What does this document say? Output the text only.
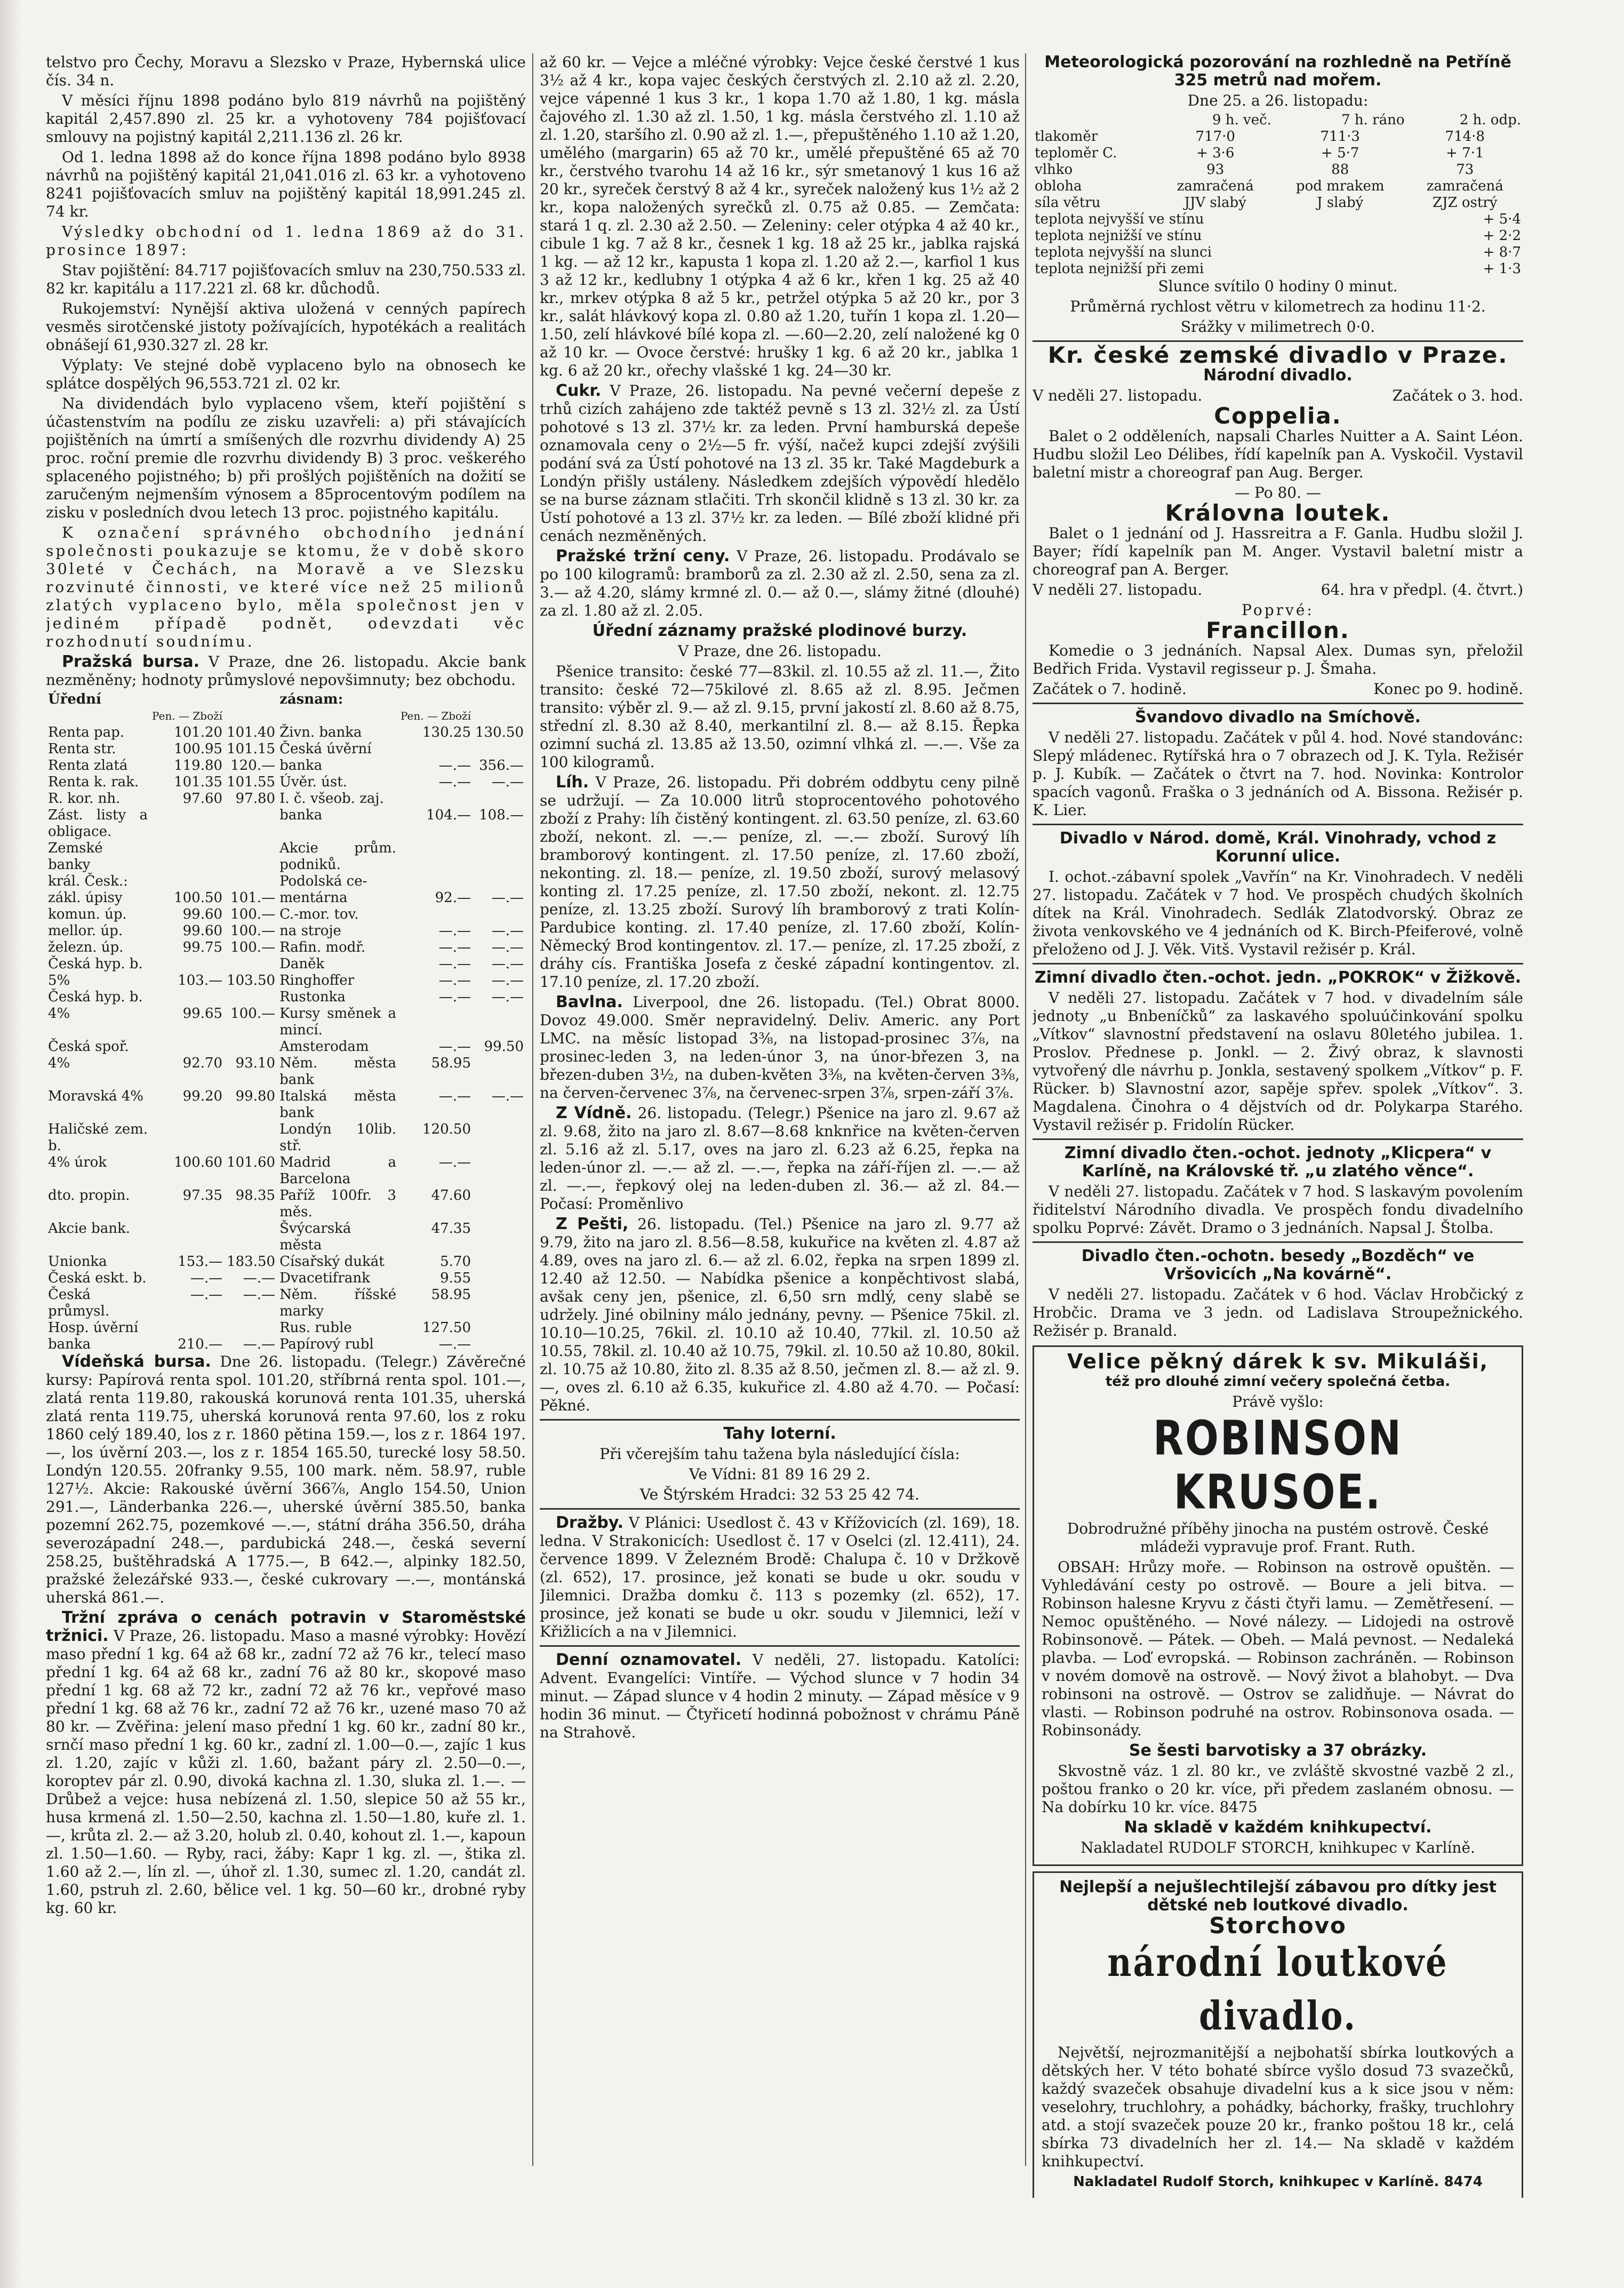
telstvo pro Čechy, Moravu a Slezsko v Praze, Hybernská ulice čís. 34 n.

V měsíci říjnu 1898 podáno bylo 819 návrhů na pojištěný kapitál 2,457.890 zl. 25 kr. a vyhotoveny 784 pojišťovací smlouvy na pojistný kapitál 2,211.136 zl. 26 kr.

Od 1. ledna 1898 až do konce října 1898 podáno bylo 8938 návrhů na pojištěný kapitál 21,041.016 zl. 63 kr. a vyhotoveno 8241 pojišťovacích smluv na pojištěný kapitál 18,991.245 zl. 74 kr.

Výsledky obchodní od 1. ledna 1869 až do 31. prosince 1897:

Stav pojištění: 84.717 pojišťovacích smluv na 230,750.533 zl. 82 kr. kapitálu a 117.221 zl. 68 kr. důchodů.

Rukojemství: Nynější aktiva uložená v cenných papírech vesměs sirotčenské jistoty požívajících, hypotékách a realitách obnášejí 61,930.327 zl. 28 kr.

Výplaty: Ve stejné době vyplaceno bylo na obnosech ke splátce dospělých 96,553.721 zl. 02 kr.

Na dividendách bylo vyplaceno všem, kteří pojištění s účastenstvím na podílu ze zisku uzavřeli: a) při stávajících pojištěních na úmrtí a smíšených dle rozvrhu dividendy A) 25 proc. roční premie dle rozvrhu dividendy B) 3 proc. veškerého splaceného pojistného; b) při prošlých pojištěních na dožití se zaručeným nejmenším výnosem a 85procentovým podílem na zisku v posledních dvou letech 13 proc. pojistného kapitálu.

K označení správného obchodního jednání společnosti poukazuje se ktomu, že v době skoro 30leté v Čechách, na Moravě a ve Slezsku rozvinuté činnosti, ve které více než 25 milionů zlatých vyplaceno bylo, měla společnost jen v jediném případě podnět, odevzdati věc rozhodnutí soudnímu.

Pražská bursa. V Praze, dne 26. listopadu. Akcie bank nezměněny; hodnoty průmyslové nepovšimnuty; bez obchodu.

Úřední			zásnam:		
	Pen. — Zboží			Pen. — Zboží	
Renta pap.	101.20	101.40	Živn. banka	130.25	130.50
Renta str.	100.95	101.15	Česká úvěrní		
Renta zlatá	119.80	120.—	banka	—.—	356.—
Renta k. rak.	101.35	101.55	Úvěr. úst.	—.—	—.—
R. kor. nh.	97.60	97.80	I. č. všeob. zaj.		
Zást. listy a obligace.			banka	104.—	108.—
Zemské banky			Akcie prům. podniků.		
král. Česk.:			Podolská ce-		
zákl. úpisy	100.50	101.—	mentárna	92.—	—.—
komun. úp.	99.60	100.—	C.-mor. tov.		
mellor. úp.	99.60	100.—	na stroje	—.—	—.—
železn. úp.	99.75	100.—	Rafin. modř.	—.—	—.—
Česká hyp. b.			Daněk	—.—	—.—
5%	103.—	103.50	Ringhoffer	—.—	—.—
Česká hyp. b.			Rustonka	—.—	—.—
4%	99.65	100.—	Kursy směnek a mincí.		
Česká spoř.			Amsterodam	—.—	99.50
4%	92.70	93.10	Něm. města bank	58.95	
Moravská 4%	99.20	99.80	Italská města bank	—.—	—.—
Haličské zem. b.			Londýn 10lib. stř.	120.50	
4% úrok	100.60	101.60	Madrid a Barcelona	—.—	
dto. propin.	97.35	98.35	Paříž 100fr. 3 měs.	47.60	
Akcie bank.			Švýcarská města	47.35	
Unionka	153.—	183.50	Císařský dukát	5.70	
Česká eskt. b.	—.—	—.—	Dvacetifrank	9.55	
Česká průmysl.	—.—	—.—	Něm. říšské marky	58.95	
Hosp. úvěrní			Rus. ruble	127.50	
banka	210.—	—.—	Papírový rubl	—.—	

Vídeňská bursa. Dne 26. listopadu. (Telegr.) Závěrečné kursy: Papírová renta spol. 101.20, stříbrná renta spol. 101.—, zlatá renta 119.80, rakouská korunová renta 101.35, uherská zlatá renta 119.75, uherská korunová renta 97.60, los z roku 1860 celý 189.40, los z r. 1860 pětina 159.—, los z r. 1864 197.—, los úvěrní 203.—, los z r. 1854 165.50, turecké losy 58.50. Londýn 120.55. 20franky 9.55, 100 mark. něm. 58.97, ruble 127½. Akcie: Rakouské úvěrní 366⅞, Anglo 154.50, Union 291.—, Länderbanka 226.—, uherské úvěrní 385.50, banka pozemní 262.75, pozemkové —.—, státní dráha 356.50, dráha severozápadní 248.—, pardubická 248.—, česká severní 258.25, buštěhradská A 1775.—, B 642.—, alpinky 182.50, pražské železářské 933.—, české cukrovary —.—, montánská uherská 861.—.

Tržní zpráva o cenách potravin v Staroměstské tržnici. V Praze, 26. listopadu. Maso a masné výrobky: Hovězí maso přední 1 kg. 64 až 68 kr., zadní 72 až 76 kr., telecí maso přední 1 kg. 64 až 68 kr., zadní 76 až 80 kr., skopové maso přední 1 kg. 68 až 72 kr., zadní 72 až 76 kr., vepřové maso přední 1 kg. 68 až 76 kr., zadní 72 až 76 kr., uzené maso 70 až 80 kr. — Zvěřina: jelení maso přední 1 kg. 60 kr., zadní 80 kr., srnčí maso přední 1 kg. 60 kr., zadní zl. 1.00—0.—, zajíc 1 kus zl. 1.20, zajíc v kůži zl. 1.60, bažant páry zl. 2.50—0.—, koroptev pár zl. 0.90, divoká kachna zl. 1.30, sluka zl. 1.—. — Drůbež a vejce: husa nebízená zl. 1.50, slepice 50 až 55 kr., husa krmená zl. 1.50—2.50, kachna zl. 1.50—1.80, kuře zl. 1.—, krůta zl. 2.— až 3.20, holub zl. 0.40, kohout zl. 1.—, kapoun zl. 1.50—1.60. — Ryby, raci, žáby: Kapr 1 kg. zl. —, štika zl. 1.60 až 2.—, lín zl. —, úhoř zl. 1.30, sumec zl. 1.20, candát zl. 1.60, pstruh zl. 2.60, bělice vel. 1 kg. 50—60 kr., drobné ryby kg. 60 kr.

až 60 kr. — Vejce a mléčné výrobky: Vejce české čerstvé 1 kus 3½ až 4 kr., kopa vajec českých čerstvých zl. 2.10 až zl. 2.20, vejce vápenné 1 kus 3 kr., 1 kopa 1.70 až 1.80, 1 kg. másla čajového zl. 1.30 až zl. 1.50, 1 kg. másla čerstvého zl. 1.10 až zl. 1.20, staršího zl. 0.90 až zl. 1.—, přepuštěného 1.10 až 1.20, umělého (margarin) 65 až 70 kr., umělé přepuštěné 65 až 70 kr., čerstvého tvarohu 14 až 16 kr., sýr smetanový 1 kus 16 až 20 kr., syreček čerstvý 8 až 4 kr., syreček naložený kus 1½ až 2 kr., kopa naložených syrečků zl. 0.75 až 0.85. — Zemčata: stará 1 q. zl. 2.30 až 2.50. — Zeleniny: celer otýpka 4 až 40 kr., cibule 1 kg. 7 až 8 kr., česnek 1 kg. 18 až 25 kr., jablka rajská 1 kg. — až 12 kr., kapusta 1 kopa zl. 1.20 až 2.—, karfiol 1 kus 3 až 12 kr., kedlubny 1 otýpka 4 až 6 kr., křen 1 kg. 25 až 40 kr., mrkev otýpka 8 až 5 kr., petržel otýpka 5 až 20 kr., por 3 kr., salát hlávkový kopa zl. 0.80 až 1.20, tuřín 1 kopa zl. 1.20—1.50, zelí hlávkové bílé kopa zl. —.60—2.20, zelí naložené kg 0 až 10 kr. — Ovoce čerstvé: hrušky 1 kg. 6 až 20 kr., jablka 1 kg. 6 až 20 kr., ořechy vlašské 1 kg. 24—30 kr.

Cukr. V Praze, 26. listopadu. Na pevné večerní depeše z trhů cizích zahájeno zde taktéž pevně s 13 zl. 32½ zl. za Ústí pohotové s 13 zl. 37½ kr. za leden. První hamburská depeše oznamovala ceny o 2½—5 fr. výší, načež kupci zdejší zvýšili podání svá za Ústí pohotové na 13 zl. 35 kr. Také Magdeburk a Londýn přišly ustáleny. Následkem zdejších výpovědí hledělo se na burse záznam stlačiti. Trh skončil klidně s 13 zl. 30 kr. za Ústí pohotové a 13 zl. 37½ kr. za leden. — Bílé zboží klidné při cenách nezměněných.

Pražské tržní ceny. V Praze, 26. listopadu. Prodávalo se po 100 kilogramů: bramborů za zl. 2.30 až zl. 2.50, sena za zl. 3.— až 4.20, slámy krmné zl. 0.— až 0.—, slámy žitné (dlouhé) za zl. 1.80 až zl. 2.05.

Úřední záznamy pražské plodinové burzy.

V Praze, dne 26. listopadu.

Pšenice transito: české 77—83kil. zl. 10.55 až zl. 11.—, Žito transito: české 72—75kilové zl. 8.65 až zl. 8.95. Ječmen transito: výběr zl. 9.— až zl. 9.15, první jakostí zl. 8.60 až 8.75, střední zl. 8.30 až 8.40, merkantilní zl. 8.— až 8.15. Řepka ozimní suchá zl. 13.85 až 13.50, ozimní vlhká zl. —.—. Vše za 100 kilogramů.

Líh. V Praze, 26. listopadu. Při dobrém oddbytu ceny pilně se udržují. — Za 10.000 litrů stoprocentového pohotového zboží z Prahy: líh čistěný kontingent. zl. 63.50 peníze, zl. 63.60 zboží, nekont. zl. —.— peníze, zl. —.— zboží. Surový líh bramborový kontingent. zl. 17.50 peníze, zl. 17.60 zboží, nekonting. zl. 18.— peníze, zl. 19.50 zboží, surový melasový konting zl. 17.25 peníze, zl. 17.50 zboží, nekont. zl. 12.75 peníze, zl. 13.25 zboží. Surový líh bramborový z trati Kolín-Pardubice konting. zl. 17.40 peníze, zl. 17.60 zboží, Kolín-Německý Brod kontingentov. zl. 17.— peníze, zl. 17.25 zboží, z dráhy cís. Františka Josefa z české západní kontingentov. zl. 17.10 peníze, zl. 17.20 zboží.

Bavlna. Liverpool, dne 26. listopadu. (Tel.) Obrat 8000. Dovoz 49.000. Směr nepravidelný. Deliv. Americ. any Port LMC. na měsíc listopad 3⅜, na listopad-prosinec 3⅞, na prosinec-leden 3, na leden-únor 3, na únor-březen 3, na březen-duben 3½, na duben-květen 3⅜, na květen-červen 3⅜, na červen-červenec 3⅞, na červenec-srpen 3⅞, srpen-září 3⅞.

Z Vídně. 26. listopadu. (Telegr.) Pšenice na jaro zl. 9.67 až zl. 9.68, žito na jaro zl. 8.67—8.68 knknřice na květen-červen zl. 5.16 až zl. 5.17, oves na jaro zl. 6.23 až 6.25, řepka na leden-únor zl. —.— až zl. —.—, řepka na září-říjen zl. —.— až zl. —.—, řepkový olej na leden-duben zl. 36.— až zl. 84.— Počasí: Proměnlivo

Z Pešti, 26. listopadu. (Tel.) Pšenice na jaro zl. 9.77 až 9.79, žito na jaro zl. 8.56—8.58, kukuřice na květen zl. 4.87 až 4.89, oves na jaro zl. 6.— až zl. 6.02, řepka na srpen 1899 zl. 12.40 až 12.50. — Nabídka pšenice a konpěchtivost slabá, avšak ceny jen, pšenice, zl. 6,50 srn mdlý, ceny slabě se udržely. Jiné obilniny málo jednány, pevny. — Pšenice 75kil. zl. 10.10—10.25, 76kil. zl. 10.10 až 10.40, 77kil. zl. 10.50 až 10.55, 78kil. zl. 10.40 až 10.75, 79kil. zl. 10.50 až 10.80, 80kil. zl. 10.75 až 10.80, žito zl. 8.35 až 8.50, ječmen zl. 8.— až zl. 9.—, oves zl. 6.10 až 6.35, kukuřice zl. 4.80 až 4.70. — Počasí: Pěkné.

Tahy loterní.

Při včerejším tahu tažena byla následující čísla:

Ve Vídni: 81 89 16 29 2.

Ve Štýrském Hradci: 32 53 25 42 74.

Dražby. V Plánici: Usedlost č. 43 v Křížovicích (zl. 169), 18. ledna. V Strakonicích: Usedlost č. 17 v Oselci (zl. 12.411), 24. července 1899. V Železném Brodě: Chalupa č. 10 v Držkově (zl. 652), 17. prosince, jež konati se bude u okr. soudu v Jilemnici. Dražba domku č. 113 s pozemky (zl. 652), 17. prosince, jež konati se bude u okr. soudu v Jilemnici, leží v Křižlicích a na v Jilemnici.

Denní oznamovatel. V neděli, 27. listopadu. Katolíci: Advent. Evangelíci: Vintíře. — Východ slunce v 7 hodin 34 minut. — Západ slunce v 4 hodin 2 minuty. — Západ měsíce v 9 hodin 36 minut. — Čtyřicetí hodinná pobožnost v chrámu Páně na Strahově.

Meteorologická pozorování na rozhledně na Petříně 325 metrů nad mořem.

Dne 25. a 26. listopadu:

	9 h. več.	7 h. ráno	2 h. odp.
tlakoměr	717·0	711·3	714·8
teploměr C.	+ 3·6	+ 5·7	+ 7·1
vlhko	93	88	73
obloha	zamračená	pod mrakem	zamračená
síla větru	JJV slabý	J slabý	ZJZ ostrý
teplota nejvyšší ve stínu			+ 5·4
teplota nejnižší ve stínu			+ 2·2
teplota nejvyšší na slunci			+ 8·7
teplota nejnižší při zemi			+ 1·3

Slunce svítilo 0 hodiny 0 minut.

Průměrná rychlost větru v kilometrech za hodinu 11·2.

Srážky v milimetrech 0·0.

Kr. české zemské divadlo v Praze.

Národní divadlo.

V neděli 27. listopadu.	Začátek o 3. hod.

Coppelia.

Balet o 2 odděleních, napsali Charles Nuitter a A. Saint Léon. Hudbu složil Leo Délibes, řídí kapelník pan A. Vyskočil. Vystavil baletní mistr a choreograf pan Aug. Berger.

— Po 80. —

Královna loutek.

Balet o 1 jednání od J. Hassreitra a F. Ganla. Hudbu složil J. Bayer; řídí kapelník pan M. Anger. Vystavil baletní mistr a choreograf pan A. Berger.

V neděli 27. listopadu.	64. hra v předpl. (4. čtvrt.)

Poprvé:

Francillon.

Komedie o 3 jednáních. Napsal Alex. Dumas syn, přeložil Bedřich Frida. Vystavil regisseur p. J. Šmaha.

Začátek o 7. hodině.	Konec po 9. hodině.

Švandovo divadlo na Smíchově.

V neděli 27. listopadu. Začátek v půl 4. hod. Nové standovánc: Slepý mládenec. Rytířská hra o 7 obrazech od J. K. Tyla. Režisér p. J. Kubík. — Začátek o čtvrt na 7. hod. Novinka: Kontrolor spacích vagonů. Fraška o 3 jednáních od A. Bissona. Režisér p. K. Lier.

Divadlo v Národ. domě, Král. Vinohrady, vchod z Korunní ulice.

I. ochot.-zábavní spolek „Vavřín“ na Kr. Vinohradech. V neděli 27. listopadu. Začátek v 7 hod. Ve prospěch chudých školních dítek na Král. Vinohradech. Sedlák Zlatodvorský. Obraz ze života venkovského ve 4 jednáních od K. Birch-Pfeiferové, volně přeloženo od J. J. Věk. Vitš. Vystavil režisér p. Král.

Zimní divadlo čten.-ochot. jedn. „POKROK“ v Žižkově.

V neděli 27. listopadu. Začátek v 7 hod. v divadelním sále jednoty „u Bnbeníčků“ za laskavého spoluúčinkování spolku „Vítkov“ slavnostní představení na oslavu 80letého jubilea. 1. Proslov. Přednese p. Jonkl. — 2. Živý obraz, k slavnosti vytvořený dle návrhu p. Jonkla, sestavený spolkem „Vítkov“ p. F. Rücker. b) Slavnostní azor, sapěje spřev. spolek „Vítkov“. 3. Magdalena. Činohra o 4 dějstvích od dr. Polykarpa Starého. Vystavil režisér p. Fridolín Rücker.

Zimní divadlo čten.-ochot. jednoty „Klicpera“ v Karlíně, na Královské tř. „u zlatého věnce“.

V neděli 27. listopadu. Začátek v 7 hod. S laskavým povolením řiditelství Národního divadla. Ve prospěch fondu divadelního spolku Poprvé: Závět. Dramo o 3 jednáních. Napsal J. Štolba.

Divadlo čten.-ochotn. besedy „Bozděch“ ve Vršovicích „Na kovárně“.

V neděli 27. listopadu. Začátek v 6 hod. Václav Hrobčický z Hrobčic. Drama ve 3 jedn. od Ladislava Stroupežnického. Režisér p. Branald.

Velice pěkný dárek k sv. Mikuláši,

též pro dlouhé zimní večery společná četba.

Právě vyšlo:

ROBINSON KRUSOE.

Dobrodružné příběhy jinocha na pustém ostrově. České mládeži vypravuje prof. Frant. Ruth.

OBSAH: Hrůzy moře. — Robinson na ostrově opuštěn. — Vyhledávání cesty po ostrově. — Boure a jeli bitva. — Robinson halesne Kryvu z části čtyři lamu. — Zemětřesení. — Nemoc opuštěného. — Nové nálezy. — Lidojedi na ostrově Robinsonově. — Pátek. — Obeh. — Malá pevnost. — Nedaleká plavba. — Loď evropská. — Robinson zachráněn. — Robinson v novém domově na ostrově. — Nový život a blahobyt. — Dva robinsoni na ostrově. — Ostrov se zalidňuje. — Návrat do vlasti. — Robinson podruhé na ostrov. Robinsonova osada. — Robinsonády.

Se šesti barvotisky a 37 obrázky.

Skvostně váz. 1 zl. 80 kr., ve zvláště skvostné vazbě 2 zl., poštou franko o 20 kr. více, při předem zaslaném obnosu. — Na dobírku 10 kr. více. 8475

Na skladě v každém knihkupectví.

Nakladatel RUDOLF STORCH, knihkupec v Karlíně.

Nejlepší a nejušlechtilejší zábavou pro dítky jest dětské neb loutkové divadlo.

Storchovo

národní loutkové divadlo.

Největší, nejrozmanitější a nejbohatší sbírka loutkových a dětských her. V této bohaté sbírce vyšlo dosud 73 svazečků, každý svazeček obsahuje divadelní kus a k sice jsou v něm: veselohry, truchlohry, a pohádky, báchorky, frašky, truchlohry atd. a stojí svazeček pouze 20 kr., franko poštou 18 kr., celá sbírka 73 divadelních her zl. 14.— Na skladě v každém knihkupectví.

Nakladatel Rudolf Storch, knihkupec v Karlíně. 8474
